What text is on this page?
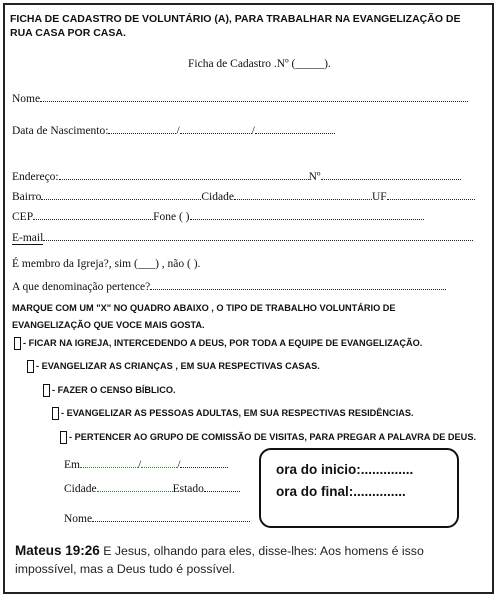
FICHA DE CADASTRO DE VOLUNTÁRIO (A), PARA TRABALHAR NA EVANGELIZAÇÃO DE RUA CASA POR CASA.
Ficha de Cadastro .Nº (_____).
Nome
Data de Nascimento:	/	/
Endereço:	Nº
Bairro	Cidade	UF
CEP	Fone ( )
E-mail
É membro da Igreja?, sim (___) , não ( ).
A que denominação pertence?
MARQUE COM UM "X" NO QUADRO ABAIXO , O TIPO DE TRABALHO VOLUNTÁRIO DE EVANGELIZAÇÃO QUE VOCE MAIS GOSTA.
- FICAR NA IGREJA, INTERCEDENDO A DEUS, POR TODA A EQUIPE DE EVANGELIZAÇÃO.
- EVANGELIZAR AS CRIANÇAS , EM SUA RESPECTIVAS CASAS.
- FAZER O CENSO BÍBLICO.
- EVANGELIZAR AS PESSOAS ADULTAS, EM SUA RESPECTIVAS RESIDÊNCIAS.
- PERTENCER AO GRUPO DE COMISSÃO DE VISITAS, PARA PREGAR A PALAVRA DE DEUS.
Em	/	/
Cidade	Estado
Nome
ora do inicio:..............
ora do final:..............
Mateus 19:26 E Jesus, olhando para eles, disse-lhes: Aos homens é isso impossível, mas a Deus tudo é possível.
